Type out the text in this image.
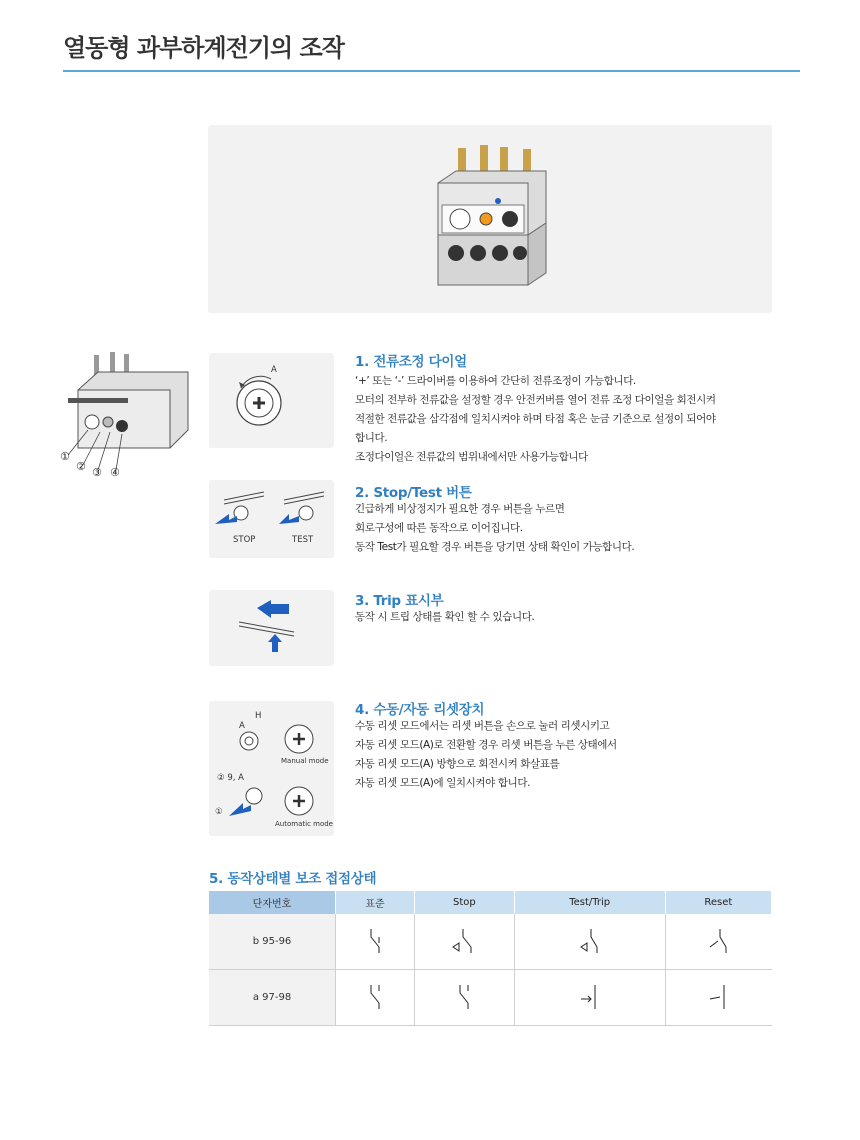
열동형 과부하계전기의 조작
①
② ③ ④
A	1. 전류조정 다이얼
‘+’ 또는 ‘-’ 드라이버를 이용하여 간단히 전류조정이 가능합니다.
모터의 전부하 전류값을 설정할 경우 안전커버를 열어 전류 조정 다이얼을 회전시켜
적절한 전류값을 삼각점에 일치시켜야 하며 타점 혹은 눈금 기준으로 설정이 되어야
합니다.
조정다이얼은 전류값의 범위내에서만 사용가능합니다
STOP	TEST
2. Stop/Test 버튼
긴급하게 비상정지가 필요한 경우 버튼을 누르면
회로구성에 따른 동작으로 이어집니다.
동작 Test가 필요할 경우 버튼을 당기면 상태 확인이 가능합니다.
3. Trip 표시부
동작 시 트립 상태를 확인 할 수 있습니다.
H
A
Manual mode
② 9, A
①
Automatic mode
4. 수동/자동 리셋장치
수동 리셋 모드에서는 리셋 버튼을 손으로 눌러 리셋시키고
자동 리셋 모드(A)로 전환할 경우 리셋 버튼을 누른 상태에서
자동 리셋 모드(A) 방향으로 회전시켜 화살표를
자동 리셋 모드(A)에 일치시켜야 합니다.
5. 동작상태별 보조 접점상태
단자번호	표준	Stop	Test/Trip	Reset
b 95-96				
a 97-98				
